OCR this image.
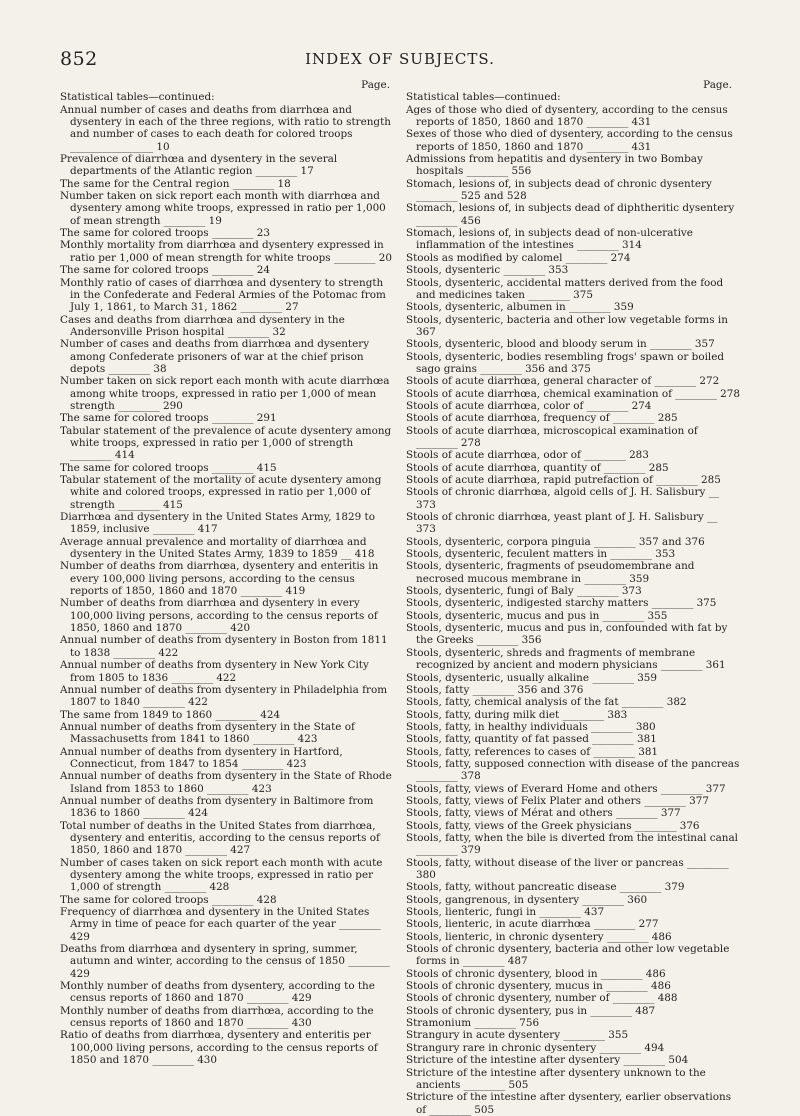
852	INDEX OF SUBJECTS.
Page.
Statistical tables—continued:
Annual number of cases and deaths from diarrhœa and dysentery in each of the three regions, with ratio to strength and number of cases to each death for colored troops ________________ 10
Prevalence of diarrhœa and dysentery in the several departments of the Atlantic region ________ 17
The same for the Central region ________ 18
Number taken on sick report each month with diarrhœa and dysentery among white troops, expressed in ratio per 1,000 of mean strength ________ 19
The same for colored troops ________ 23
Monthly mortality from diarrhœa and dysentery expressed in ratio per 1,000 of mean strength for white troops ________ 20
The same for colored troops ________ 24
Monthly ratio of cases of diarrhœa and dysentery to strength in the Confederate and Federal Armies of the Potomac from July 1, 1861, to March 31, 1862 ________ 27
Cases and deaths from diarrhœa and dysentery in the Andersonville Prison hospital ________ 32
Number of cases and deaths from diarrhœa and dysentery among Confederate prisoners of war at the chief prison depots ________ 38
Number taken on sick report each month with acute diarrhœa among white troops, expressed in ratio per 1,000 of mean strength ________ 290
The same for colored troops ________ 291
Tabular statement of the prevalence of acute dysentery among white troops, expressed in ratio per 1,000 of strength ________ 414
The same for colored troops ________ 415
Tabular statement of the mortality of acute dysentery among white and colored troops, expressed in ratio per 1,000 of strength ________ 415
Diarrhœa and dysentery in the United States Army, 1829 to 1859, inclusive ________ 417
Average annual prevalence and mortality of diarrhœa and dysentery in the United States Army, 1839 to 1859 __ 418
Number of deaths from diarrhœa, dysentery and enteritis in every 100,000 living persons, according to the census reports of 1850, 1860 and 1870 ________ 419
Number of deaths from diarrhœa and dysentery in every 100,000 living persons, according to the census reports of 1850, 1860 and 1870 ________ 420
Annual number of deaths from dysentery in Boston from 1811 to 1838 ________ 422
Annual number of deaths from dysentery in New York City from 1805 to 1836 ________ 422
Annual number of deaths from dysentery in Philadelphia from 1807 to 1840 ________ 422
The same from 1849 to 1860 ________ 424
Annual number of deaths from dysentery in the State of Massachusetts from 1841 to 1860 ________ 423
Annual number of deaths from dysentery in Hartford, Connecticut, from 1847 to 1854 ________ 423
Annual number of deaths from dysentery in the State of Rhode Island from 1853 to 1860 ________ 423
Annual number of deaths from dysentery in Baltimore from 1836 to 1860 ________ 424
Total number of deaths in the United States from diarrhœa, dysentery and enteritis, according to the census reports of 1850, 1860 and 1870 ________ 427
Number of cases taken on sick report each month with acute dysentery among the white troops, expressed in ratio per 1,000 of strength ________ 428
The same for colored troops ________ 428
Frequency of diarrhœa and dysentery in the United States Army in time of peace for each quarter of the year ________ 429
Deaths from diarrhœa and dysentery in spring, summer, autumn and winter, according to the census of 1850 ________ 429
Monthly number of deaths from dysentery, according to the census reports of 1860 and 1870 ________ 429
Monthly number of deaths from diarrhœa, according to the census reports of 1860 and 1870 ________ 430
Ratio of deaths from diarrhœa, dysentery and enteritis per 100,000 living persons, according to the census reports of 1850 and 1870 ________ 430
Page.
Statistical tables—continued:
Ages of those who died of dysentery, according to the census reports of 1850, 1860 and 1870 ________ 431
Sexes of those who died of dysentery, according to the census reports of 1850, 1860 and 1870 ________ 431
Admissions from hepatitis and dysentery in two Bombay hospitals ________ 556
Stomach, lesions of, in subjects dead of chronic dysentery ________ 525 and 528
Stomach, lesions of, in subjects dead of diphtheritic dysentery ________ 456
Stomach, lesions of, in subjects dead of non-ulcerative inflammation of the intestines ________ 314
Stools as modified by calomel ________ 274
Stools, dysenteric ________ 353
Stools, dysenteric, accidental matters derived from the food and medicines taken ________ 375
Stools, dysenteric, albumen in ________ 359
Stools, dysenteric, bacteria and other low vegetable forms in 367
Stools, dysenteric, blood and bloody serum in ________ 357
Stools, dysenteric, bodies resembling frogs' spawn or boiled sago grains ________ 356 and 375
Stools of acute diarrhœa, general character of ________ 272
Stools of acute diarrhœa, chemical examination of ________ 278
Stools of acute diarrhœa, color of ________ 274
Stools of acute diarrhœa, frequency of ________ 285
Stools of acute diarrhœa, microscopical examination of ________ 278
Stools of acute diarrhœa, odor of ________ 283
Stools of acute diarrhœa, quantity of ________ 285
Stools of acute diarrhœa, rapid putrefaction of ________ 285
Stools of chronic diarrhœa, algoid cells of J. H. Salisbury __ 373
Stools of chronic diarrhœa, yeast plant of J. H. Salisbury __ 373
Stools, dysenteric, corpora pinguia ________ 357 and 376
Stools, dysenteric, feculent matters in ________ 353
Stools, dysenteric, fragments of pseudomembrane and necrosed mucous membrane in ________ 359
Stools, dysenteric, fungi of Baly ________ 373
Stools, dysenteric, indigested starchy matters ________ 375
Stools, dysenteric, mucus and pus in ________ 355
Stools, dysenteric, mucus and pus in, confounded with fat by the Greeks ________ 356
Stools, dysenteric, shreds and fragments of membrane recognized by ancient and modern physicians ________ 361
Stools, dysenteric, usually alkaline ________ 359
Stools, fatty ________ 356 and 376
Stools, fatty, chemical analysis of the fat ________ 382
Stools, fatty, during milk diet ________ 383
Stools, fatty, in healthy individuals ________ 380
Stools, fatty, quantity of fat passed ________ 381
Stools, fatty, references to cases of ________ 381
Stools, fatty, supposed connection with disease of the pancreas ________ 378
Stools, fatty, views of Everard Home and others ________ 377
Stools, fatty, views of Felix Plater and others ________ 377
Stools, fatty, views of Mérat and others ________ 377
Stools, fatty, views of the Greek physicians ________ 376
Stools, fatty, when the bile is diverted from the intestinal canal ________ 379
Stools, fatty, without disease of the liver or pancreas ________ 380
Stools, fatty, without pancreatic disease ________ 379
Stools, gangrenous, in dysentery ________ 360
Stools, lienteric, fungi in ________ 437
Stools, lienteric, in acute diarrhœa ________ 277
Stools, lienteric, in chronic dysentery ________ 486
Stools of chronic dysentery, bacteria and other low vegetable forms in ________ 487
Stools of chronic dysentery, blood in ________ 486
Stools of chronic dysentery, mucus in ________ 486
Stools of chronic dysentery, number of ________ 488
Stools of chronic dysentery, pus in ________ 487
Stramonium ________ 756
Strangury in acute dysentery ________ 355
Strangury rare in chronic dysentery ________ 494
Stricture of the intestine after dysentery ________ 504
Stricture of the intestine after dysentery unknown to the ancients ________ 505
Stricture of the intestine after dysentery, earlier observations of ________ 505
